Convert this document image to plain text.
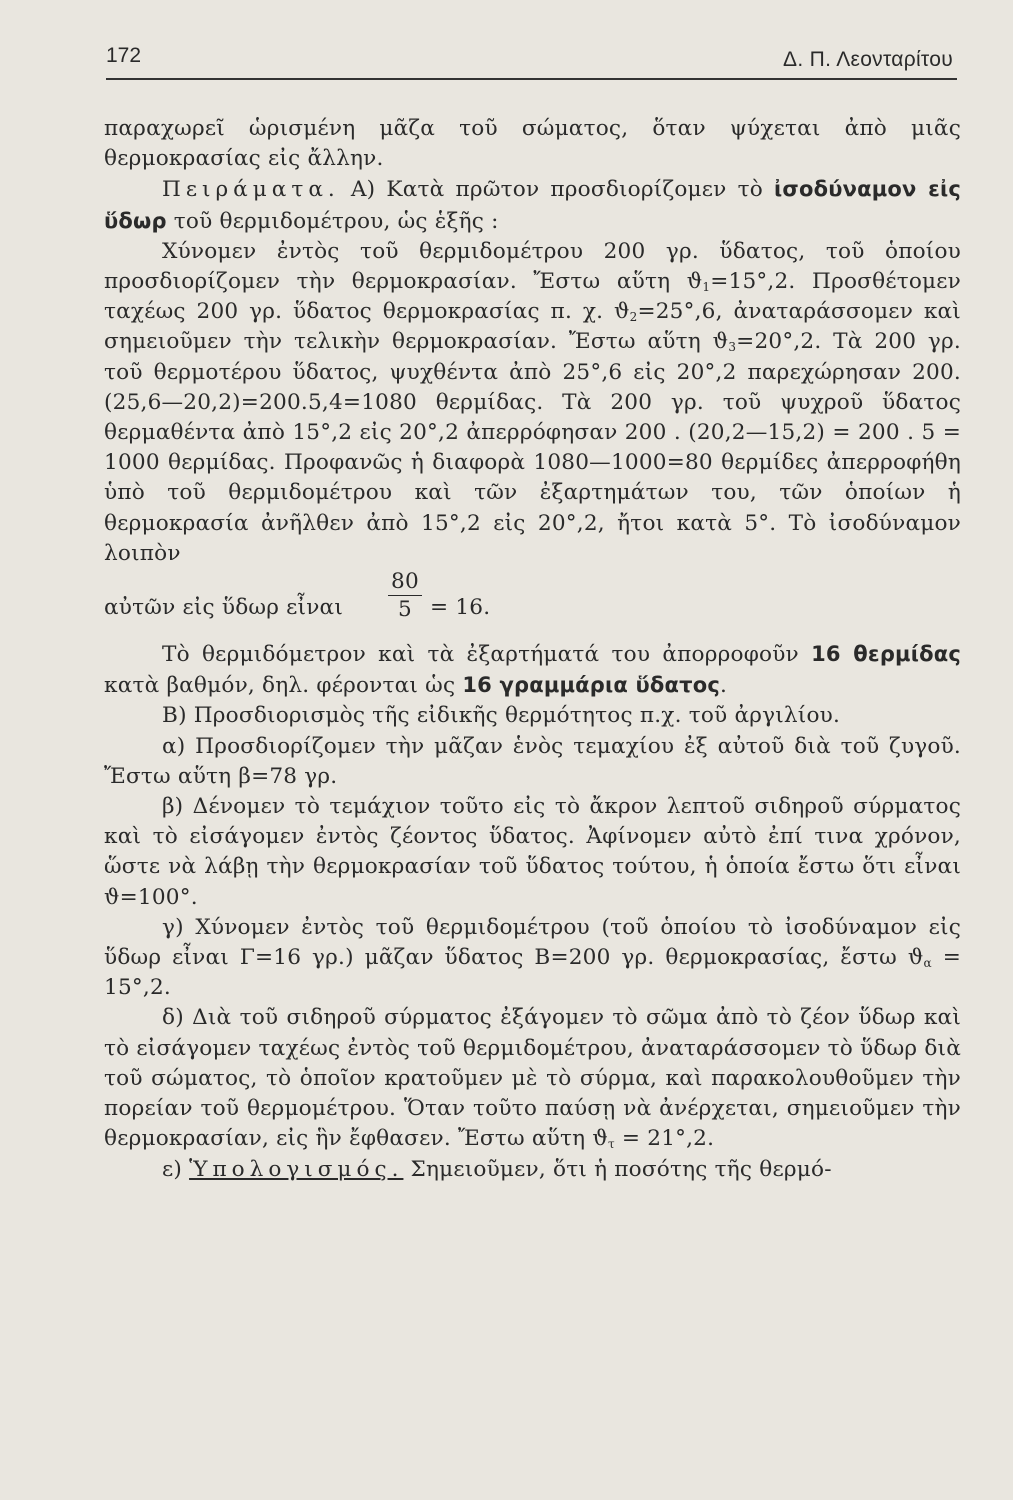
172	Δ. Π. Λεονταρίτου

παραχωρεῖ ὡρισμένη μᾶζα τοῦ σώματος, ὅταν ψύχεται ἀπὸ μιᾶς θερμοκρασίας εἰς ἄλλην.

Πειράματα. Α) Κατὰ πρῶτον προσδιορίζομεν τὸ ἰσοδύναμον εἰς ὕδωρ τοῦ θερμιδομέτρου, ὡς ἑξῆς :

Χύνομεν ἐντὸς τοῦ θερμιδομέτρου 200 γρ. ὕδατος, τοῦ ὁποίου προσδιορίζομεν τὴν θερμοκρασίαν. Ἔστω αὕτη $ϑ_1=15^\circ,2$. Προσθέτομεν ταχέως 200 γρ. ὕδατος θερμοκρασίας π. χ. $ϑ_2=25^\circ,6$, ἀναταράσσομεν καὶ σημειοῦμεν τὴν τελικὴν θερμοκρασίαν. Ἔστω αὕτη $ϑ_3=20^\circ,2$. Τὰ 200 γρ. τοῦ θερμοτέρου ὕδατος, ψυχθέντα ἀπὸ 25°,6 εἰς 20°,2 παρεχώρησαν 200.(25,6—20,2)=200.5,4=1080 θερμίδας. Τὰ 200 γρ. τοῦ ψυχροῦ ὕδατος θερμαθέντα ἀπὸ 15°,2 εἰς 20°,2 ἀπερρόφησαν 200 . (20,2—15,2) = 200 . 5 = 1000 θερμίδας. Προφανῶς ἡ διαφορὰ 1080—1000=80 θερμίδες ἀπερροφήθη ὑπὸ τοῦ θερμιδομέτρου καὶ τῶν ἐξαρτημάτων του, τῶν ὁποίων ἡ θερμοκρασία ἀνῆλθεν ἀπὸ 15°,2 εἰς 20°,2, ἤτοι κατὰ 5°. Τὸ ἰσοδύναμον λοιπὸν

αὐτῶν εἰς ὕδωρ εἶναι $\frac{80}{5} = 16$.

Τὸ θερμιδόμετρον καὶ τὰ ἐξαρτήματά του ἀπορροφοῦν 16 θερμίδας κατὰ βαθμόν, δηλ. φέρονται ὡς 16 γραμμάρια ὕδατος.

Β) Προσδιορισμὸς τῆς εἰδικῆς θερμότητος π.χ. τοῦ ἀργιλίου.

α) Προσδιορίζομεν τὴν μᾶζαν ἑνὸς τεμαχίου ἐξ αὐτοῦ διὰ τοῦ ζυγοῦ. Ἔστω αὕτη β=78 γρ.

β) Δένομεν τὸ τεμάχιον τοῦτο εἰς τὸ ἄκρον λεπτοῦ σιδηροῦ σύρματος καὶ τὸ εἰσάγομεν ἐντὸς ζέοντος ὕδατος. Ἀφίνομεν αὐτὸ ἐπί τινα χρόνον, ὥστε νὰ λάβῃ τὴν θερμοκρασίαν τοῦ ὕδατος τούτου, ἡ ὁποία ἔστω ὅτι εἶναι ϑ=100°.

γ) Χύνομεν ἐντὸς τοῦ θερμιδομέτρου (τοῦ ὁποίου τὸ ἰσοδύναμον εἰς ὕδωρ εἶναι Γ=16 γρ.) μᾶζαν ὕδατος Β=200 γρ. θερμοκρασίας, ἔστω $ϑ_\alpha = 15^\circ,2$.

δ) Διὰ τοῦ σιδηροῦ σύρματος ἐξάγομεν τὸ σῶμα ἀπὸ τὸ ζέον ὕδωρ καὶ τὸ εἰσάγομεν ταχέως ἐντὸς τοῦ θερμιδομέτρου, ἀναταράσσομεν τὸ ὕδωρ διὰ τοῦ σώματος, τὸ ὁποῖον κρατοῦμεν μὲ τὸ σύρμα, καὶ παρακολουθοῦμεν τὴν πορείαν τοῦ θερμομέτρου. Ὅταν τοῦτο παύσῃ νὰ ἀνέρχεται, σημειοῦμεν τὴν θερμοκρασίαν, εἰς ἣν ἔφθασεν. Ἔστω αὕτη $ϑ_\tau = 21^\circ,2$.

ε) Ὑπολογισμός. Σημειοῦμεν, ὅτι ἡ ποσότης τῆς θερμό-
